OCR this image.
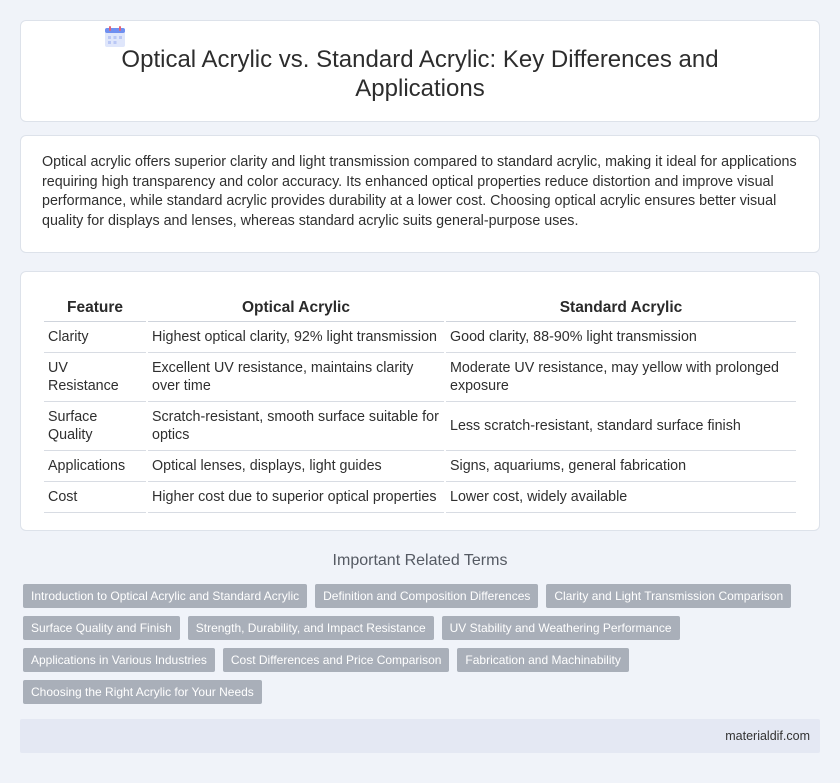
Optical Acrylic vs. Standard Acrylic: Key Differences and Applications

Optical acrylic offers superior clarity and light transmission compared to standard acrylic, making it ideal for applications requiring high transparency and color accuracy. Its enhanced optical properties reduce distortion and improve visual performance, while standard acrylic provides durability at a lower cost. Choosing optical acrylic ensures better visual quality for displays and lenses, whereas standard acrylic suits general-purpose uses.

Feature	Optical Acrylic	Standard Acrylic
Clarity	Highest optical clarity, 92% light transmission	Good clarity, 88-90% light transmission
UV Resistance	Excellent UV resistance, maintains clarity over time	Moderate UV resistance, may yellow with prolonged exposure
Surface Quality	Scratch-resistant, smooth surface suitable for optics	Less scratch-resistant, standard surface finish
Applications	Optical lenses, displays, light guides	Signs, aquariums, general fabrication
Cost	Higher cost due to superior optical properties	Lower cost, widely available
Important Related Terms
Introduction to Optical Acrylic and Standard Acrylic	Definition and Composition Differences	Clarity and Light Transmission Comparison
Surface Quality and Finish	Strength, Durability, and Impact Resistance	UV Stability and Weathering Performance
Applications in Various Industries	Cost Differences and Price Comparison	Fabrication and Machinability
Choosing the Right Acrylic for Your Needs
materialdif.com
